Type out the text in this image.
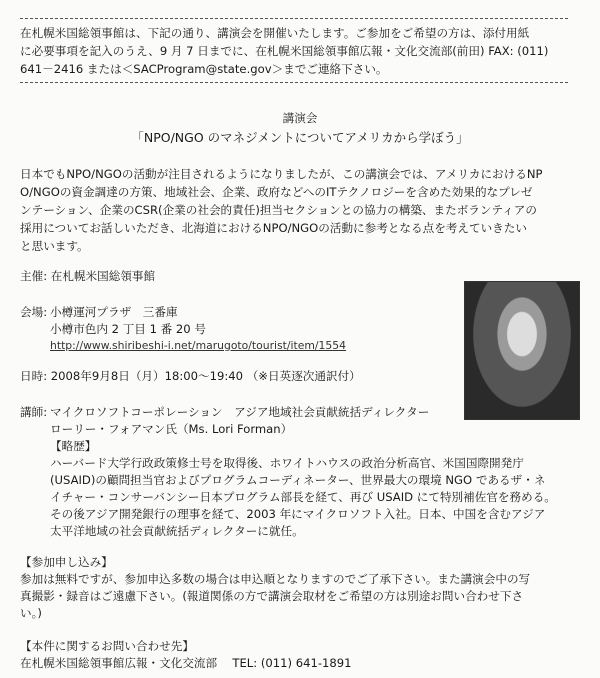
在札幌米国総領事館は、下記の通り、講演会を開催いたします。ご参加をご希望の方は、添付用紙
に必要事項を記入のうえ、9 月 7 日までに、在札幌米国総領事館広報・文化交流部(前田) FAX: (011)
641－2416 または＜SACProgram@state.gov＞までご連絡下さい。
講演会
「NPO/NGO のマネジメントについてアメリカから学ぼう」
日本でもNPO/NGOの活動が注目されるようになりましたが、この講演会では、アメリカにおけるNP
O/NGOの資金調達の方策、地域社会、企業、政府などへのITテクノロジーを含めた効果的なプレゼ
ンテーション、企業のCSR(企業の社会的責任)担当セクションとの協力の構築、またボランティアの
採用についてお話しいただき、北海道におけるNPO/NGOの活動に参考となる点を考えていきたい
と思います。
主催: 在札幌米国総領事館
会場: 小樽運河プラザ　三番庫
小樽市色内 2 丁目 1 番 20 号
http://www.shiribeshi-i.net/marugoto/tourist/item/1554
日時: 2008年9月8日（月）18:00～19:40 （※日英逐次通訳付）
講師: マイクロソフトコーポレーション　アジア地域社会貢献統括ディレクター
ローリー・フォアマン氏（Ms. Lori Forman）
【略歴】
ハーバード大学行政政策修士号を取得後、ホワイトハウスの政治分析高官、米国国際開発庁
(USAID)の顧問担当官およびプログラムコーディネーター、世界最大の環境 NGO であるザ・ネ
イチャー・コンサーバンシー日本プログラム部長を経て、再び USAID にて特別補佐官を務める。
その後アジア開発銀行の理事を経て、2003 年にマイクロソフト入社。日本、中国を含むアジア
太平洋地域の社会貢献統括ディレクターに就任。
【参加申し込み】
参加は無料ですが、参加申込多数の場合は申込順となりますのでご了承下さい。また講演会中の写
真撮影・録音はご遠慮下さい。(報道関係の方で講演会取材をご希望の方は別途お問い合わせ下さ
い。)
【本件に関するお問い合わせ先】
在札幌米国総領事館広報・文化交流部　 TEL: (011) 641-1891
